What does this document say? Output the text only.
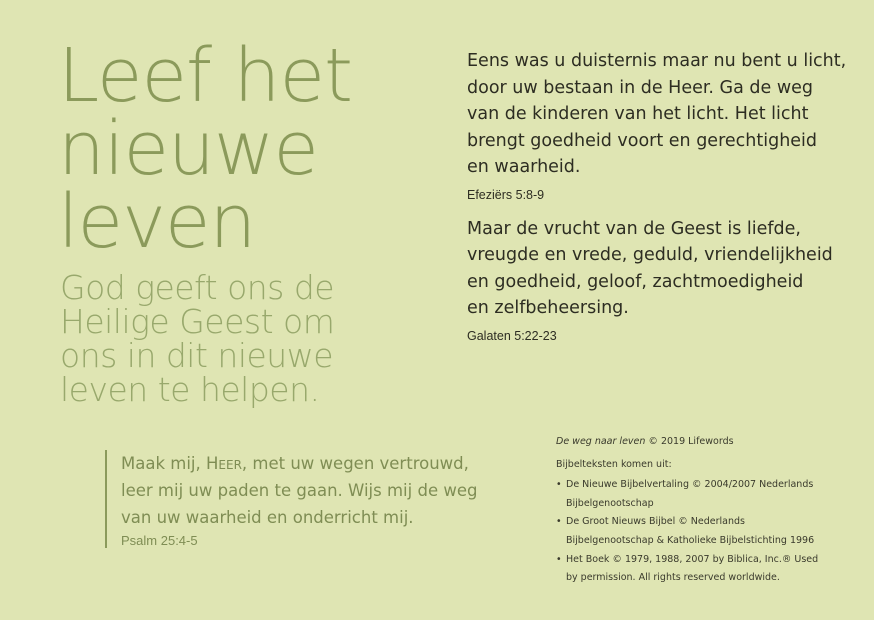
Leef het
nieuwe
leven
God geeft ons de
Heilige Geest om
ons in dit nieuwe
leven te helpen.

Eens was u duisternis maar nu bent u licht,
door uw bestaan in de Heer. Ga de weg
van de kinderen van het licht. Het licht
brengt goedheid voort en gerechtigheid
en waarheid.

Efeziërs 5:8-9

Maar de vrucht van de Geest is liefde,
vreugde en vrede, geduld, vriendelijkheid
en goedheid, geloof, zachtmoedigheid
en zelfbeheersing.

Galaten 5:22-23

Maak mij, Heer, met uw wegen vertrouwd,
leer mij uw paden te gaan. Wijs mij de weg
van uw waarheid en onderricht mij.

Psalm 25:4-5
De weg naar leven © 2019 Lifewords
Bijbelteksten komen uit:
• De Nieuwe Bijbelvertaling © 2004/2007 Nederlands
Bijbelgenootschap
• De Groot Nieuws Bijbel © Nederlands
Bijbelgenootschap & Katholieke Bijbelstichting 1996
• Het Boek © 1979, 1988, 2007 by Biblica, Inc.® Used
by permission. All rights reserved worldwide.
